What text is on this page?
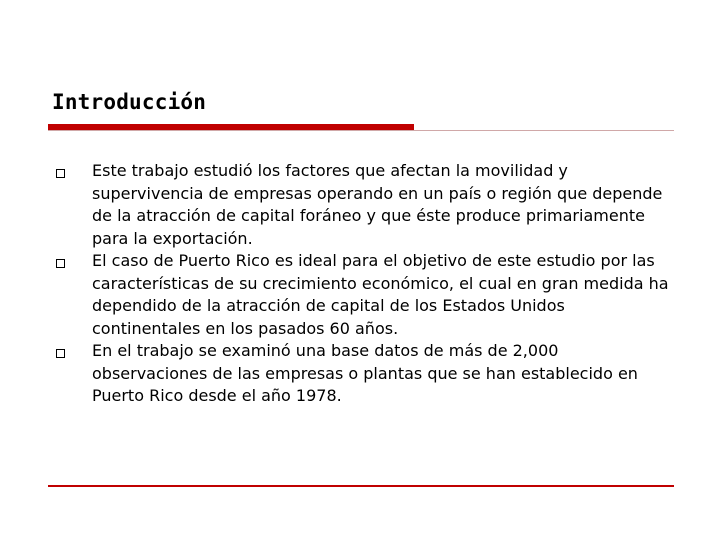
Introducción
Este trabajo estudió los factores que afectan la movilidad y supervivencia de empresas operando en un país o región que depende de la atracción de capital foráneo y que éste produce primariamente para la exportación.
El caso de Puerto Rico es ideal para el objetivo de este estudio por las características de su crecimiento económico, el cual en gran medida ha dependido de la atracción de capital de los Estados Unidos continentales en los pasados 60 años.
En el trabajo se examinó una base datos de más de 2,000 observaciones de las empresas o plantas que se han establecido en Puerto Rico desde el año 1978.
